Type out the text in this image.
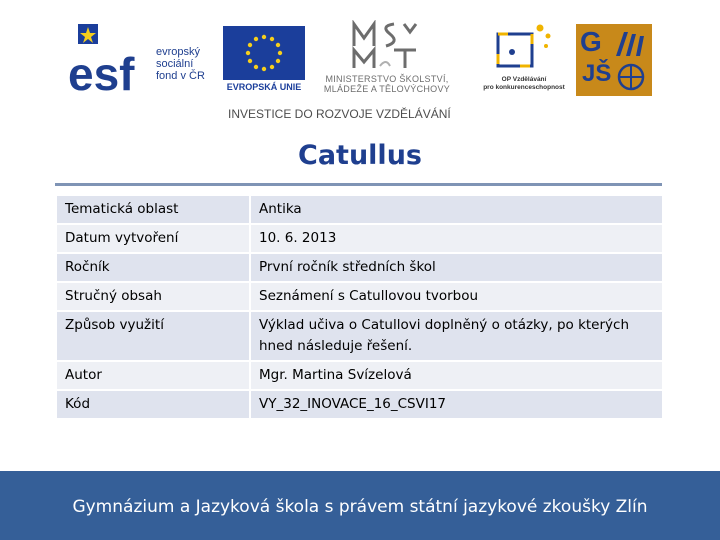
esf evropský
sociální
fond v ČR
EVROPSKÁ UNIE
MINISTERSTVO ŠKOLSTVÍ,
MLÁDEŽE A TĚLOVÝCHOVY
OP Vzdělávání
pro konkurenceschopnost
G
JŠ
INVESTICE DO ROZVOJE VZDĚLÁVÁNÍ
Catullus
Tematická oblast	Antika
Datum vytvoření	10. 6. 2013
Ročník	První ročník středních škol
Stručný obsah	Seznámení s Catullovou tvorbou
Způsob využití	Výklad učiva o Catullovi doplněný o otázky, po kterých hned následuje řešení.
Autor	Mgr. Martina Svízelová
Kód	VY_32_INOVACE_16_CSVI17
Gymnázium a Jazyková škola s právem státní jazykové zkoušky Zlín
